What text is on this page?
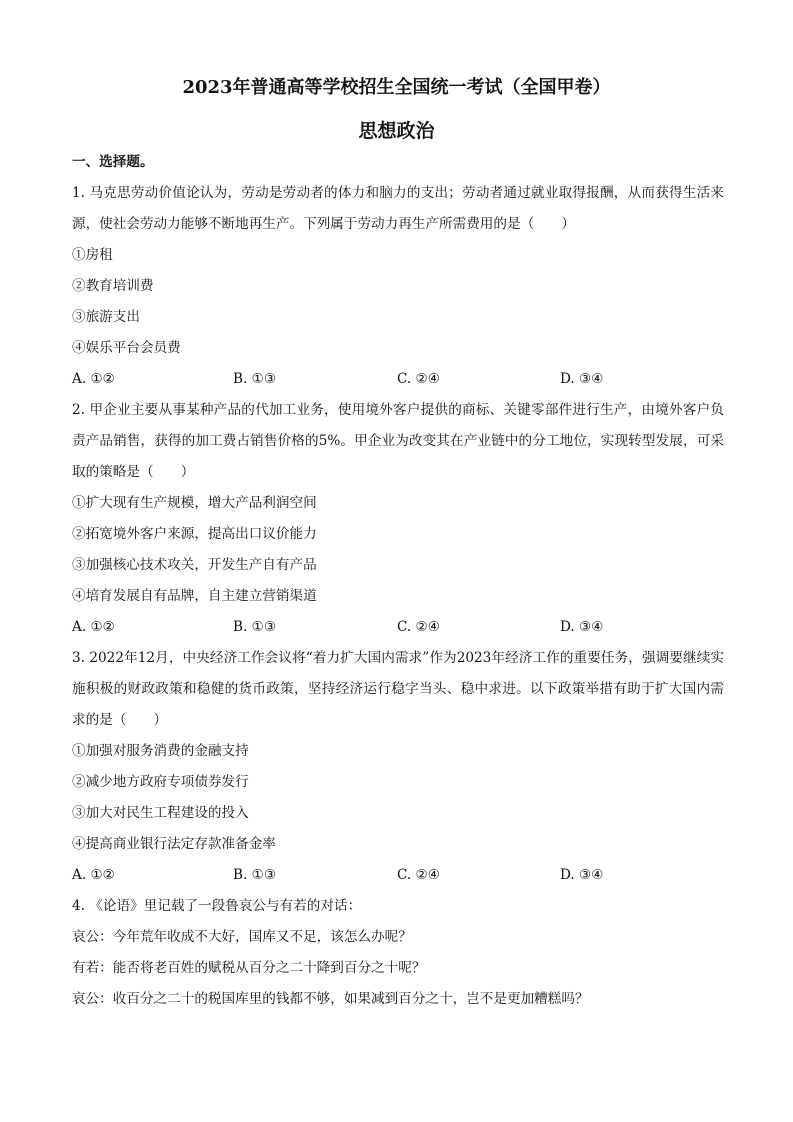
2023年普通高等学校招生全国统一考试（全国甲卷）
思想政治
一、选择题。
1. 马克思劳动价值论认为，劳动是劳动者的体力和脑力的支出；劳动者通过就业取得报酬，从而获得生活来源，使社会劳动力能够不断地再生产。下列属于劳动力再生产所需费用的是（　　）
①房租
②教育培训费
③旅游支出
④娱乐平台会员费
A. ①②	B. ①③	C. ②④	D. ③④
2. 甲企业主要从事某种产品的代加工业务，使用境外客户提供的商标、关键零部件进行生产，由境外客户负责产品销售，获得的加工费占销售价格的5%。甲企业为改变其在产业链中的分工地位，实现转型发展，可采取的策略是（　　）
①扩大现有生产规模，增大产品利润空间
②拓宽境外客户来源，提高出口议价能力
③加强核心技术攻关，开发生产自有产品
④培育发展自有品牌，自主建立营销渠道
A. ①②	B. ①③	C. ②④	D. ③④
3. 2022年12月，中央经济工作会议将“着力扩大国内需求”作为2023年经济工作的重要任务，强调要继续实施积极的财政政策和稳健的货币政策，坚持经济运行稳字当头、稳中求进。以下政策举措有助于扩大国内需求的是（　　）
①加强对服务消费的金融支持
②减少地方政府专项债券发行
③加大对民生工程建设的投入
④提高商业银行法定存款准备金率
A. ①②	B. ①③	C. ②④	D. ③④
4. 《论语》里记载了一段鲁哀公与有若的对话：
哀公：今年荒年收成不大好，国库又不足，该怎么办呢？
有若：能否将老百姓的赋税从百分之二十降到百分之十呢？
哀公：收百分之二十的税国库里的钱都不够，如果减到百分之十，岂不是更加糟糕吗？
